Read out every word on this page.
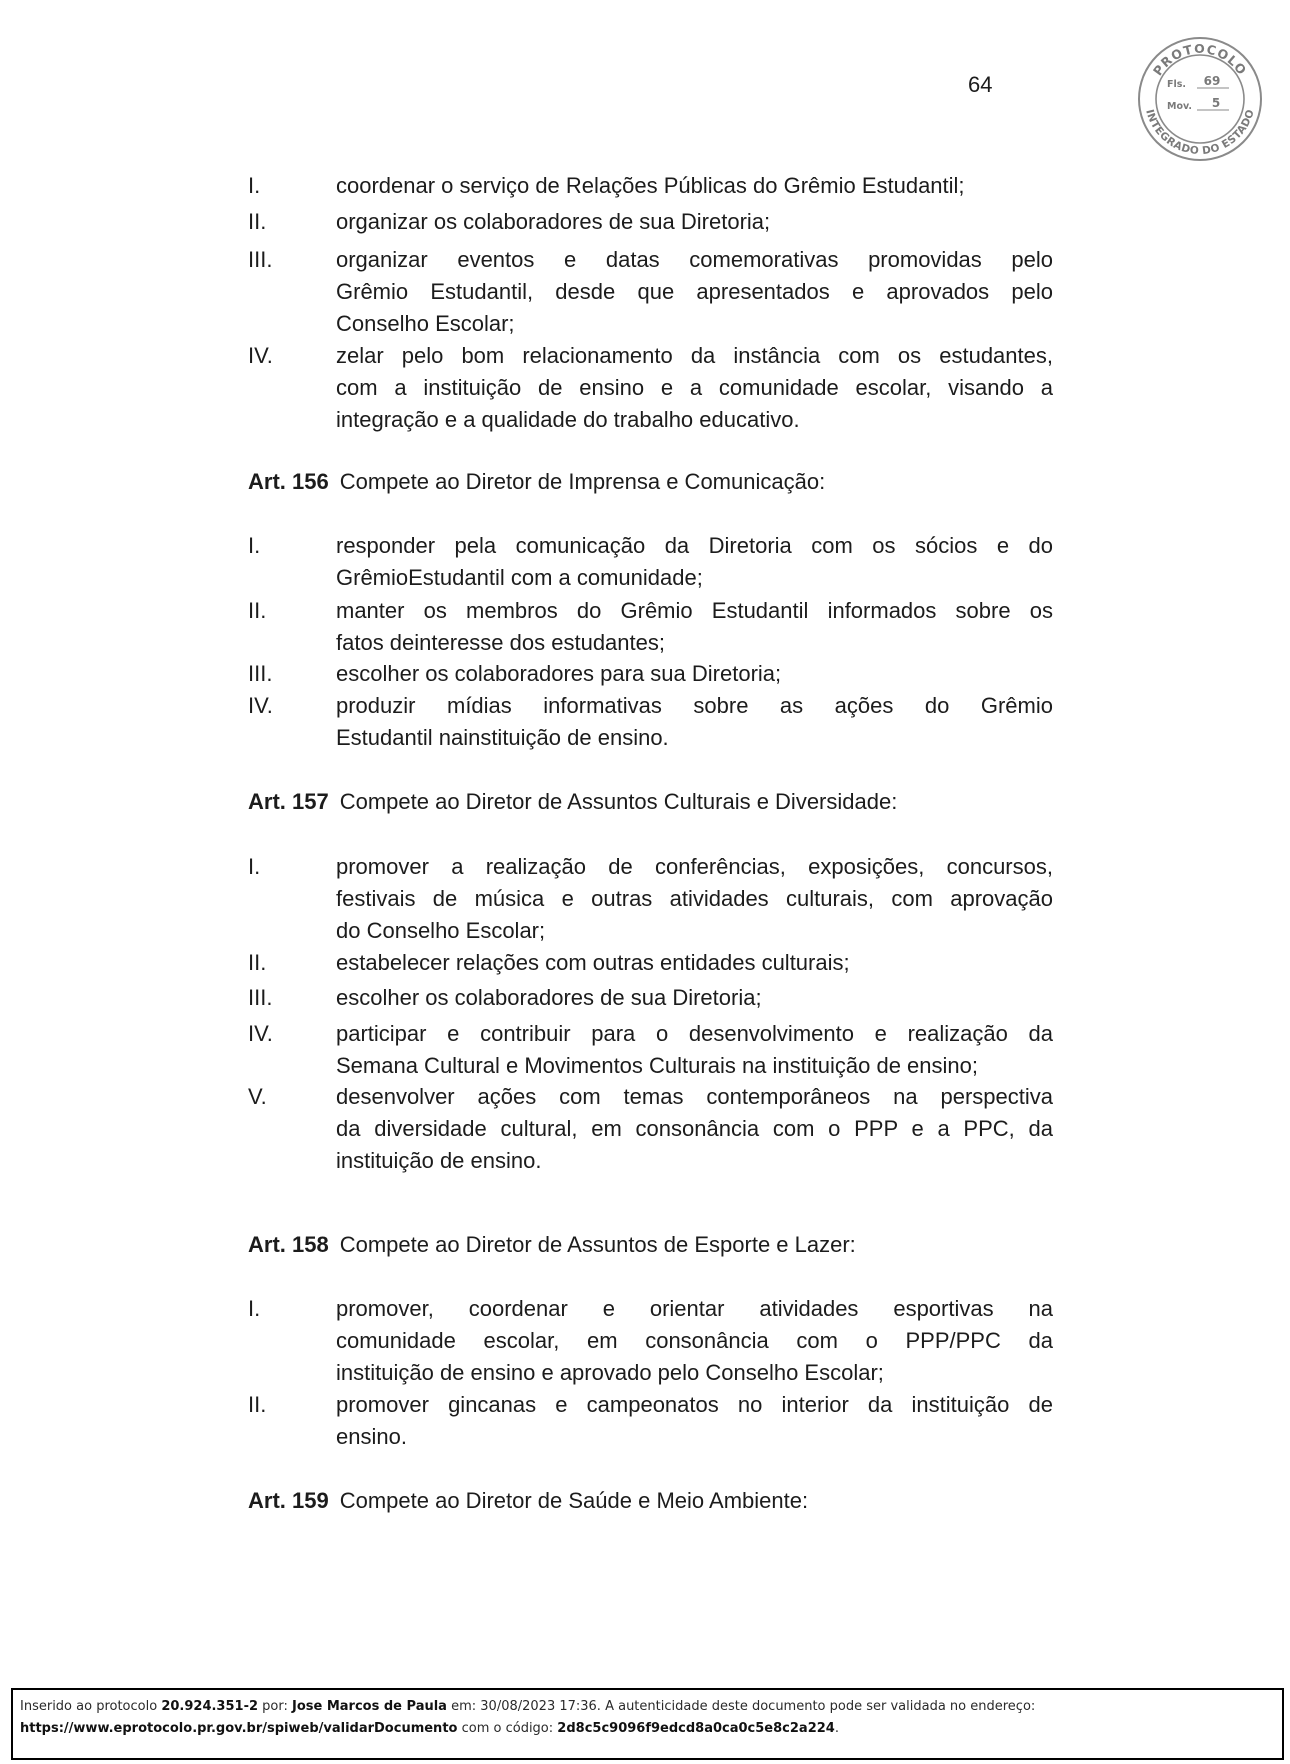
64
PROTOCOLO
INTEGRADO DO ESTADO
Fls. 69
Mov. 5
I.	coordenar o serviço de Relações Públicas do Grêmio Estudantil;
II.	organizar os colaboradores de sua Diretoria;
III.	organizar eventos e datas comemorativas promovidas pelo
Grêmio Estudantil, desde que apresentados e aprovados pelo
Conselho Escolar;
IV.	zelar pelo bom relacionamento da instância com os estudantes,
com a instituição de ensino e a comunidade escolar, visando a
integração e a qualidade do trabalho educativo.
Art. 156 Compete ao Diretor de Imprensa e Comunicação:
I.	responder pela comunicação da Diretoria com os sócios e do
GrêmioEstudantil com a comunidade;
II.	manter os membros do Grêmio Estudantil informados sobre os
fatos deinteresse dos estudantes;
III.	escolher os colaboradores para sua Diretoria;
IV.	produzir mídias informativas sobre as ações do Grêmio
Estudantil nainstituição de ensino.
Art. 157 Compete ao Diretor de Assuntos Culturais e Diversidade:
I.	promover a realização de conferências, exposições, concursos,
festivais de música e outras atividades culturais, com aprovação
do Conselho Escolar;
II.	estabelecer relações com outras entidades culturais;
III.	escolher os colaboradores de sua Diretoria;
IV.	participar e contribuir para o desenvolvimento e realização da
Semana Cultural e Movimentos Culturais na instituição de ensino;
V.	desenvolver ações com temas contemporâneos na perspectiva
da diversidade cultural, em consonância com o PPP e a PPC, da
instituição de ensino.
Art. 158 Compete ao Diretor de Assuntos de Esporte e Lazer:
I.	promover, coordenar e orientar atividades esportivas na
comunidade escolar, em consonância com o PPP/PPC da
instituição de ensino e aprovado pelo Conselho Escolar;
II.	promover gincanas e campeonatos no interior da instituição de
ensino.
Art. 159 Compete ao Diretor de Saúde e Meio Ambiente:
Inserido ao protocolo 20.924.351-2 por: Jose Marcos de Paula em: 30/08/2023 17:36. A autenticidade deste documento pode ser validada no endereço:
https://www.eprotocolo.pr.gov.br/spiweb/validarDocumento com o código: 2d8c5c9096f9edcd8a0ca0c5e8c2a224.
